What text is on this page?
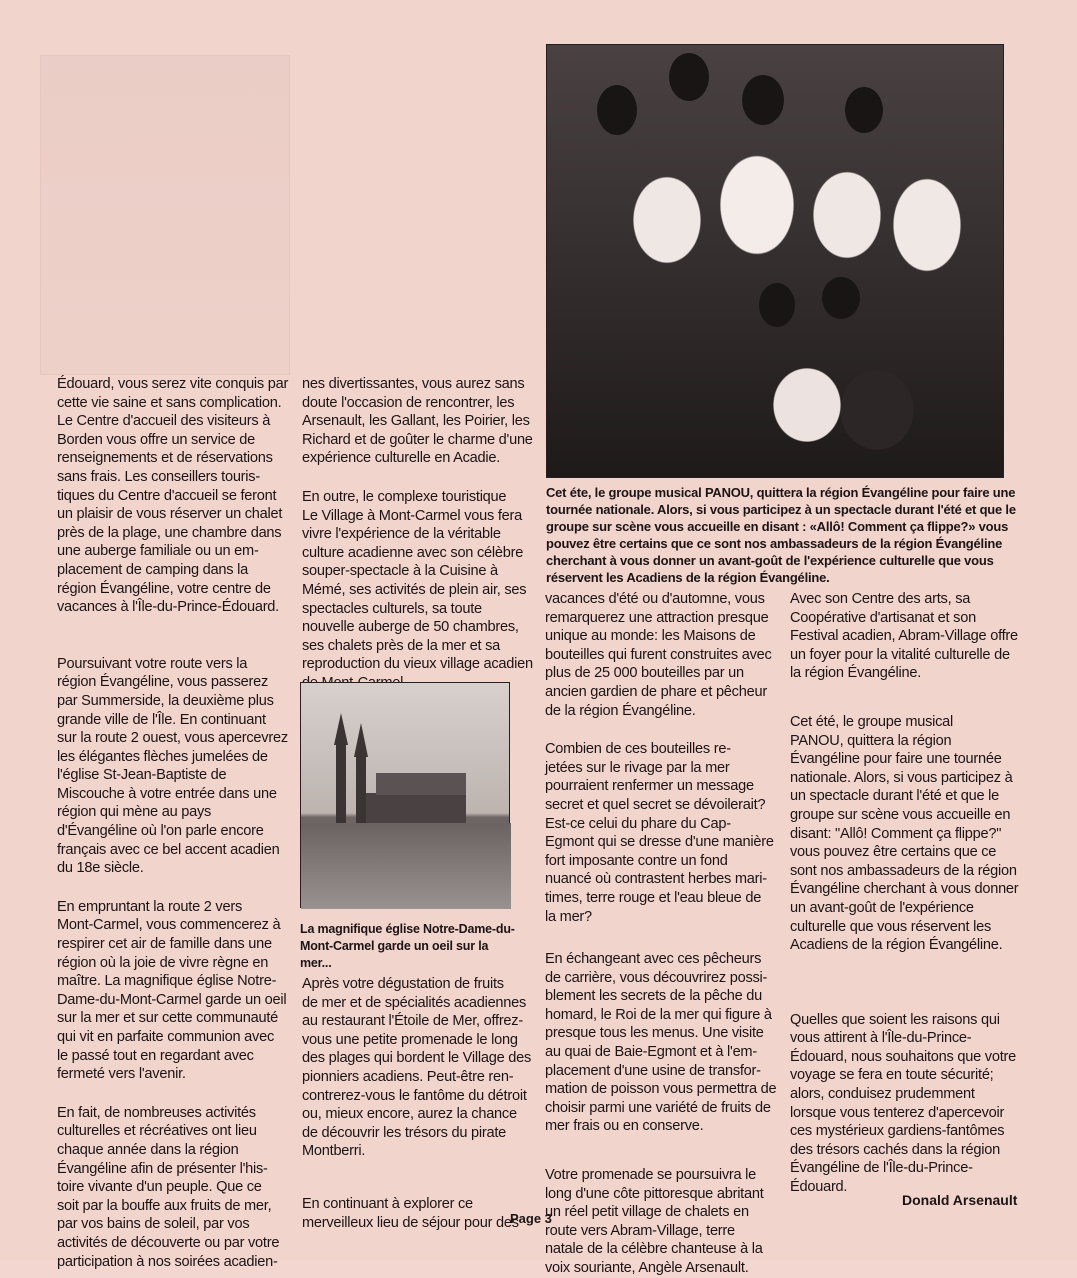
Édouard, vous serez vite conquis par
cette vie saine et sans complication.
Le Centre d'accueil des visiteurs à
Borden vous offre un service de
renseignements et de réservations
sans frais. Les conseillers touris-
tiques du Centre d'accueil se feront
un plaisir de vous réserver un chalet
près de la plage, une chambre dans
une auberge familiale ou un em-
placement de camping dans la
région Évangéline, votre centre de
vacances à l'Île-du-Prince-Édouard.

Poursuivant votre route vers la
région Évangéline, vous passerez
par Summerside, la deuxième plus
grande ville de l'Île. En continuant
sur la route 2 ouest, vous apercevrez
les élégantes flèches jumelées de
l'église St-Jean-Baptiste de
Miscouche à votre entrée dans une
région qui mène au pays
d'Évangéline où l'on parle encore
français avec ce bel accent acadien
du 18e siècle.

En empruntant la route 2 vers
Mont-Carmel, vous commencerez à
respirer cet air de famille dans une
région où la joie de vivre règne en
maître. La magnifique église Notre-
Dame-du-Mont-Carmel garde un oeil
sur la mer et sur cette communauté
qui vit en parfaite communion avec
le passé tout en regardant avec
fermeté vers l'avenir.

En fait, de nombreuses activités
culturelles et récréatives ont lieu
chaque année dans la région
Évangéline afin de présenter l'his-
toire vivante d'un peuple. Que ce
soit par la bouffe aux fruits de mer,
par vos bains de soleil, par vos
activités de découverte ou par votre
participation à nos soirées acadien-

nes divertissantes, vous aurez sans
doute l'occasion de rencontrer, les
Arsenault, les Gallant, les Poirier, les
Richard et de goûter le charme d'une
expérience culturelle en Acadie.

En outre, le complexe touristique
Le Village à Mont-Carmel vous fera
vivre l'expérience de la véritable
culture acadienne avec son célèbre
souper-spectacle à la Cuisine à
Mémé, ses activités de plein air, ses
spectacles culturels, sa toute
nouvelle auberge de 50 chambres,
ses chalets près de la mer et sa
reproduction du vieux village acadien

La magnifique église Notre-Dame-du-
Mont-Carmel garde un oeil sur la
mer...

Après votre dégustation de fruits
de mer et de spécialités acadiennes
au restaurant l'Étoile de Mer, offrez-
vous une petite promenade le long
des plages qui bordent le Village des
pionniers acadiens. Peut-être ren-
contrerez-vous le fantôme du détroit
ou, mieux encore, aurez la chance
de découvrir les trésors du pirate
Montberri.

En continuant à explorer ce
merveilleux lieu de séjour pour des

Cet éte, le groupe musical PANOU, quittera la région Évangéline pour faire une
tournée nationale. Alors, si vous participez à un spectacle durant l'été et que le
groupe sur scène vous accueille en disant : «Allô! Comment ça flippe?» vous
pouvez être certains que ce sont nos ambassadeurs de la région Évangéline
cherchant à vous donner un avant-goût de l'expérience culturelle que vous
réservent les Acadiens de la région Évangéline.

vacances d'été ou d'automne, vous
remarquerez une attraction presque
unique au monde: les Maisons de
bouteilles qui furent construites avec
plus de 25 000 bouteilles par un
ancien gardien de phare et pêcheur
de la région Évangéline.

Combien de ces bouteilles re-
jetées sur le rivage par la mer
pourraient renfermer un message
secret et quel secret se dévoilerait?
Est-ce celui du phare du Cap-
Egmont qui se dresse d'une manière
fort imposante contre un fond
nuancé où contrastent herbes mari-
times, terre rouge et l'eau bleue de
la mer?

En échangeant avec ces pêcheurs
de carrière, vous découvrirez possi-
blement les secrets de la pêche du
homard, le Roi de la mer qui figure à
presque tous les menus. Une visite
au quai de Baie-Egmont et à l'em-
placement d'une usine de transfor-
mation de poisson vous permettra de
choisir parmi une variété de fruits de
mer frais ou en conserve.

Votre promenade se poursuivra le
long d'une côte pittoresque abritant
un réel petit village de chalets en
route vers Abram-Village, terre
natale de la célèbre chanteuse à la
voix souriante, Angèle Arsenault.

Avec son Centre des arts, sa
Coopérative d'artisanat et son
Festival acadien, Abram-Village offre
un foyer pour la vitalité culturelle de
la région Évangéline.

Cet été, le groupe musical
PANOU, quittera la région
Évangéline pour faire une tournée
nationale. Alors, si vous participez à
un spectacle durant l'été et que le
groupe sur scène vous accueille en
disant: "Allô! Comment ça flippe?"
vous pouvez être certains que ce
sont nos ambassadeurs de la région
Évangéline cherchant à vous donner
un avant-goût de l'expérience
culturelle que vous réservent les
Acadiens de la région Évangéline.

Quelles que soient les raisons qui
vous attirent à l'Île-du-Prince-
Édouard, nous souhaitons que votre
voyage se fera en toute sécurité;
alors, conduisez prudemment
lorsque vous tenterez d'apercevoir
ces mystérieux gardiens-fantômes
des trésors cachés dans la région
Évangéline de l'Île-du-Prince-
Édouard.

Donald Arsenault
Page 3
